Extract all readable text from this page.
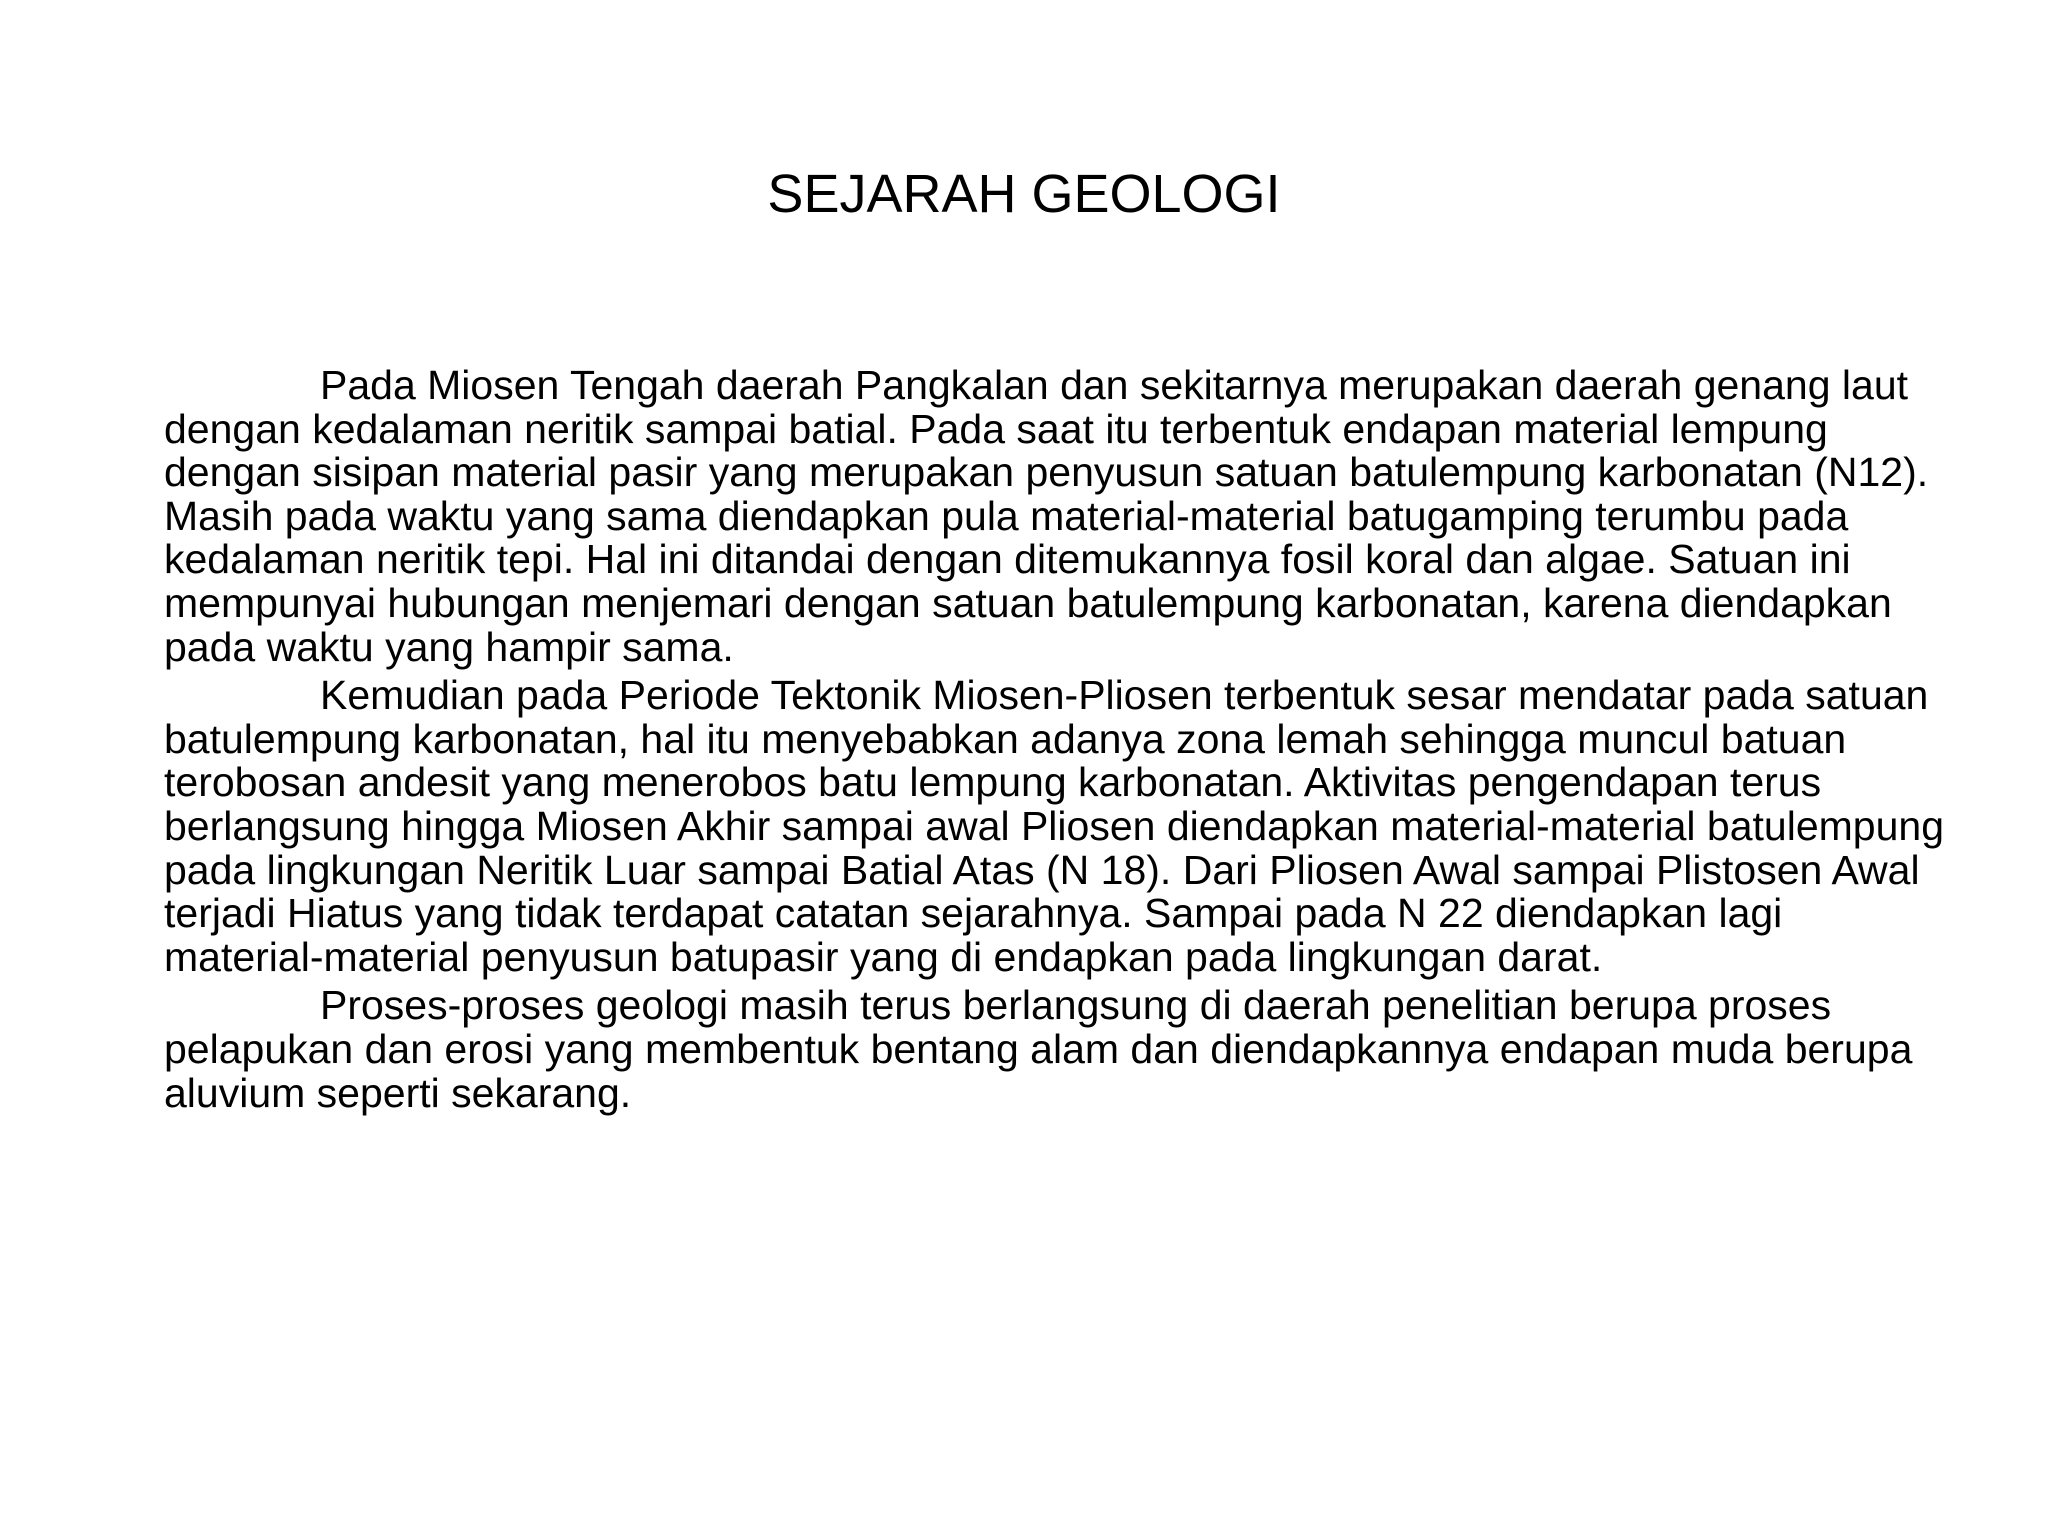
SEJARAH GEOLOGI

Pada Miosen Tengah daerah Pangkalan dan sekitarnya merupakan daerah genang laut dengan kedalaman neritik sampai batial. Pada saat itu terbentuk endapan material lempung dengan sisipan material pasir yang merupakan penyusun satuan batulempung karbonatan (N12). Masih pada waktu yang sama diendapkan pula material-material batugamping terumbu pada kedalaman neritik tepi. Hal ini ditandai dengan ditemukannya fosil koral dan algae. Satuan ini mempunyai hubungan menjemari dengan satuan batulempung karbonatan, karena diendapkan pada waktu yang hampir sama.

Kemudian pada Periode Tektonik Miosen-Pliosen terbentuk sesar mendatar pada satuan batulempung karbonatan, hal itu menyebabkan adanya zona lemah sehingga muncul batuan terobosan andesit yang menerobos batu lempung karbonatan. Aktivitas pengendapan terus berlangsung hingga Miosen Akhir sampai awal Pliosen diendapkan material-material batulempung pada lingkungan Neritik Luar sampai Batial Atas (N 18). Dari Pliosen Awal sampai Plistosen Awal terjadi Hiatus yang tidak terdapat catatan sejarahnya. Sampai pada N 22 diendapkan lagi material-material penyusun batupasir yang di endapkan pada lingkungan darat.

Proses-proses geologi masih terus berlangsung di daerah penelitian berupa proses pelapukan dan erosi yang membentuk bentang alam dan diendapkannya endapan muda berupa aluvium seperti sekarang.
